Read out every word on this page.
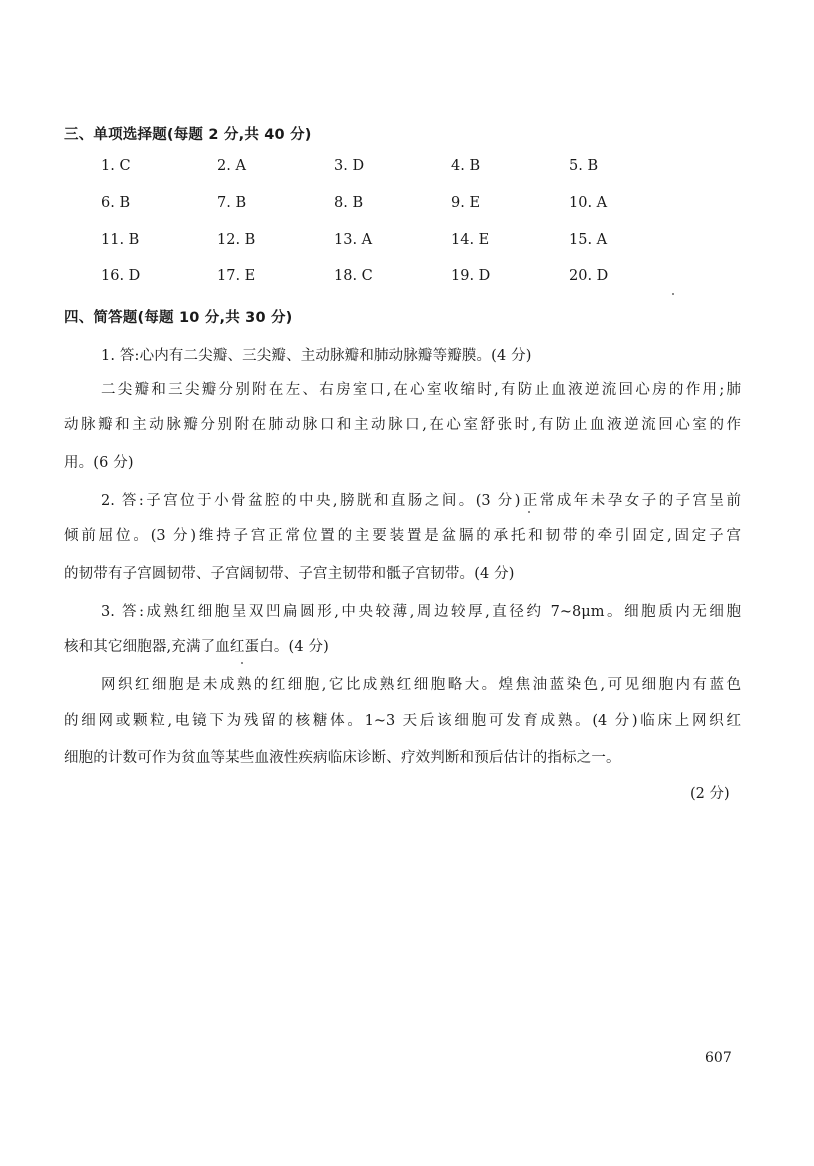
三、单项选择题(每题 2 分,共 40 分)
1. C	2. A	3. D	4. B	5. B
6. B	7. B	8. B	9. E	10. A
11. B	12. B	13. A	14. E	15. A
16. D	17. E	18. C	19. D	20. D
四、简答题(每题 10 分,共 30 分)
1. 答:心内有二尖瓣、三尖瓣、主动脉瓣和肺动脉瓣等瓣膜。(4 分)
二尖瓣和三尖瓣分别附在左、右房室口,在心室收缩时,有防止血液逆流回心房的作用;肺
动脉瓣和主动脉瓣分别附在肺动脉口和主动脉口,在心室舒张时,有防止血液逆流回心室的作
用。(6 分)
2. 答:子宫位于小骨盆腔的中央,膀胱和直肠之间。(3 分)正常成年未孕女子的子宫呈前
倾前屈位。(3 分)维持子宫正常位置的主要装置是盆膈的承托和韧带的牵引固定,固定子宫
的韧带有子宫圆韧带、子宫阔韧带、子宫主韧带和骶子宫韧带。(4 分)
3. 答:成熟红细胞呈双凹扁圆形,中央较薄,周边较厚,直径约 7~8μm。细胞质内无细胞
核和其它细胞器,充满了血红蛋白。(4 分)
网织红细胞是未成熟的红细胞,它比成熟红细胞略大。煌焦油蓝染色,可见细胞内有蓝色
的细网或颗粒,电镜下为残留的核糖体。1~3 天后该细胞可发育成熟。(4 分)临床上网织红
细胞的计数可作为贫血等某些血液性疾病临床诊断、疗效判断和预后估计的指标之一。
(2 分)
607
